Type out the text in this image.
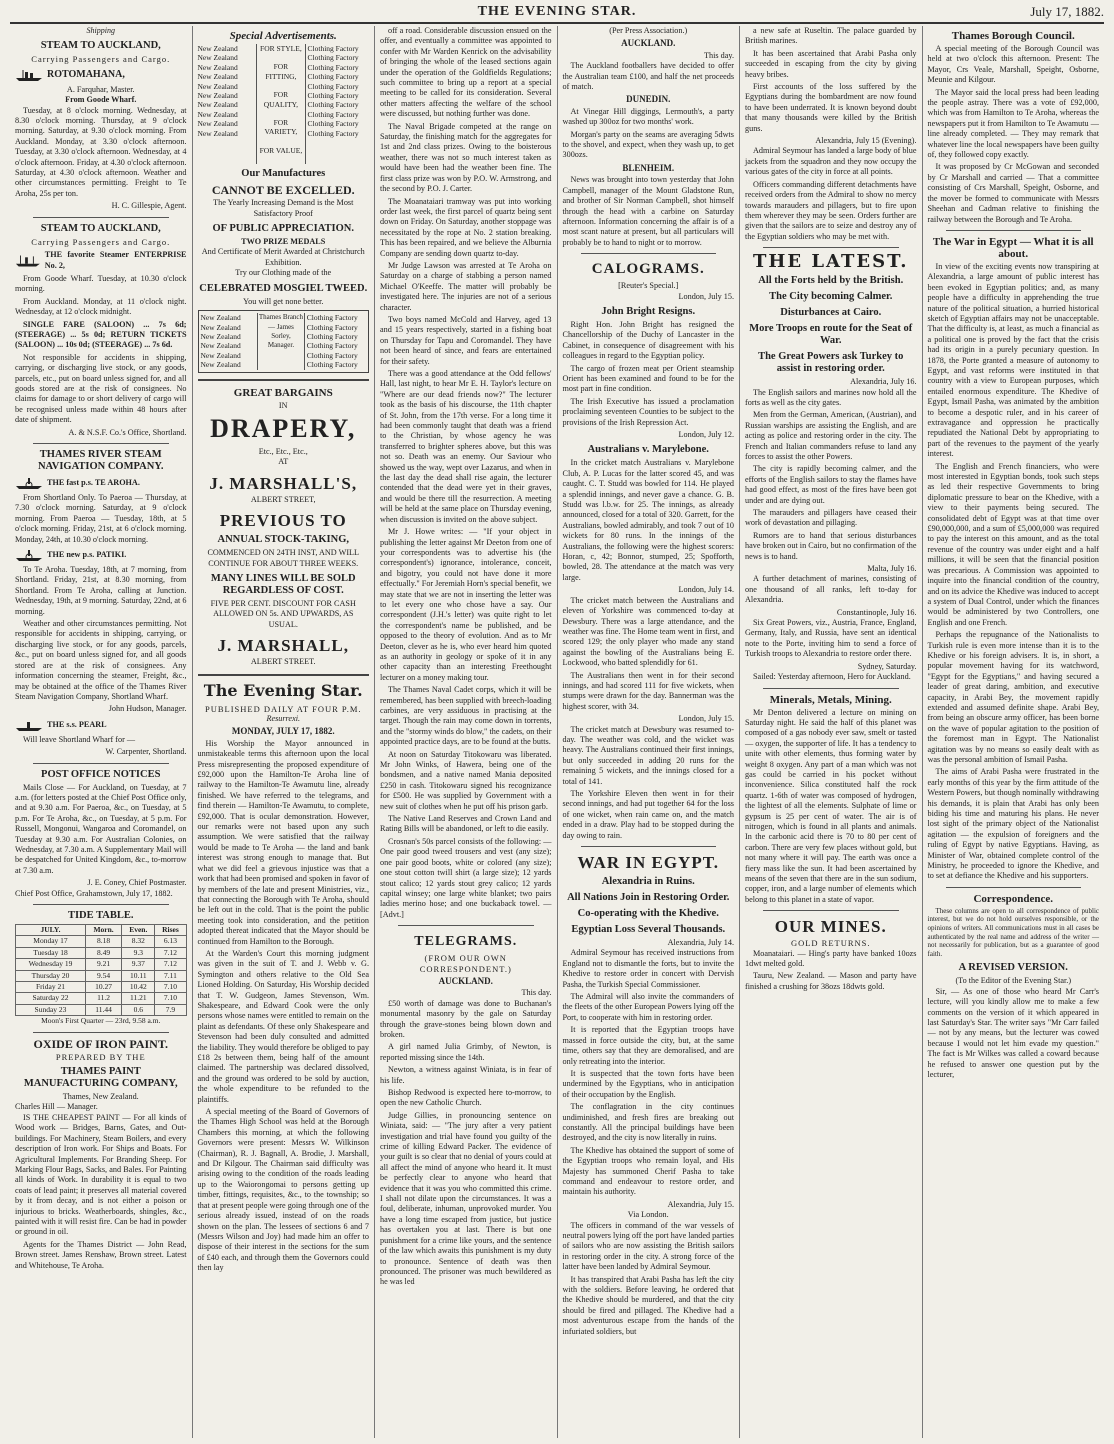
THE EVENING STAR.	July 17, 1882.
Shipping
STEAM TO AUCKLAND,
Carrying Passengers and Cargo.
ROTOMAHANA,
A. Farquhar, Master.
From Goode Wharf.

Tuesday, at 8 o'clock morning. Wednesday, at 8.30 o'clock morning. Thursday, at 9 o'clock morning. Saturday, at 9.30 o'clock morning. From Auckland. Monday, at 3.30 o'clock afternoon. Tuesday, at 3.30 o'clock afternoon. Wednesday, at 4 o'clock afternoon. Friday, at 4.30 o'clock afternoon. Saturday, at 4.30 o'clock afternoon. Weather and other circumstances permitting. Freight to Te Aroha, 25s per ton.

H. C. Gillespie, Agent.
STEAM TO AUCKLAND,
Carrying Passengers and Cargo.
THE favorite Steamer ENTERPRISE No. 2,

From Goode Wharf. Tuesday, at 10.30 o'clock morning.

From Auckland. Monday, at 11 o'clock night. Wednesday, at 12 o'clock midnight.

SINGLE FARE (SALOON) ... 7s 6d; (STEERAGE) ... 5s 0d; RETURN TICKETS (SALOON) ... 10s 0d; (STEERAGE) ... 7s 6d.

Not responsible for accidents in shipping, carrying, or discharging live stock, or any goods, parcels, etc., put on board unless signed for, and all goods stored are at the risk of consignees. No claims for damage to or short delivery of cargo will be recognised unless made within 48 hours after date of shipment.

A. & N.S.F. Co.'s Office, Shortland.
THAMES RIVER STEAM NAVIGATION COMPANY.
THE fast p.s. TE AROHA.

From Shortland Only. To Paeroa — Thursday, at 7.30 o'clock morning. Saturday, at 9 o'clock morning. From Paeroa — Tuesday, 18th, at 5 o'clock morning. Friday, 21st, at 6 o'clock morning. Monday, 24th, at 10.30 o'clock morning.

THE new p.s. PATIKI.

To Te Aroha. Tuesday, 18th, at 7 morning, from Shortland. Friday, 21st, at 8.30 morning, from Shortland. From Te Aroha, calling at Junction. Wednesday, 19th, at 9 morning. Saturday, 22nd, at 6 morning.

Weather and other circumstances permitting. Not responsible for accidents in shipping, carrying, or discharging live stock, or for any goods, parcels, &c., put on board unless signed for, and all goods stored are at the risk of consignees. Any information concerning the steamer, Freight, &c., may be obtained at the office of the Thames River Steam Navigation Company, Shortland Wharf.

John Hudson, Manager.
THE s.s. PEARL

Will leave Shortland Wharf for —

W. Carpenter, Shortland.
POST OFFICE NOTICES

Mails Close — For Auckland, on Tuesday, at 7 a.m. (for letters posted at the Chief Post Office only, and at 9.30 a.m. For Paeroa, &c., on Tuesday, at 5 p.m. For Te Aroha, &c., on Tuesday, at 5 p.m. For Russell, Mongonui, Wangaroa and Coromandel, on Tuesday at 9.30 a.m. For Australian Colonies, on Wednesday, at 7.30 a.m. A Supplementary Mail will be despatched for United Kingdom, &c., to-morrow at 7.30 a.m.

J. E. Coney, Chief Postmaster.
Chief Post Office, Grahamstown, July 17, 1882.
TIDE TABLE.
JULY.	Morn.	Even.	Rises
Monday 17	8.18	8.32	6.13
Tuesday 18	8.49	9.3	7.12
Wednesday 19	9.21	9.37	7.12
Thursday 20	9.54	10.11	7.11
Friday 21	10.27	10.42	7.10
Saturday 22	11.2	11.21	7.10
Sunday 23	11.44	0.6	7.9
Moon's First Quarter — 23rd, 9.58 a.m.
OXIDE OF IRON PAINT.
PREPARED BY THE
THAMES PAINT MANUFACTURING COMPANY,
Thames, New Zealand.
Charles Hill — Manager.

IS THE CHEAPEST PAINT — For all kinds of Wood work — Bridges, Barns, Gates, and Out-buildings. For Machinery, Steam Boilers, and every description of Iron work. For Ships and Boats. For Agricultural Implements. For Branding Sheep. For Marking Flour Bags, Sacks, and Bales. For Painting all kinds of Work. In durability it is equal to two coats of lead paint; it preserves all material covered by it from decay, and is not either a poison or injurious to bricks. Weatherboards, shingles, &c., painted with it will resist fire. Can be had in powder or ground in oil.

Agents for the Thames District — John Read, Brown street. James Renshaw, Brown street. Latest and Whitehouse, Te Aroha.

Special Advertisements.
New Zealand
New Zealand
New Zealand
New Zealand
New Zealand
New Zealand
New Zealand
New Zealand
New Zealand
New Zealand
FOR STYLE,
FOR FITTING,
FOR QUALITY,
FOR VARIETY,
FOR VALUE,
Clothing Factory
Clothing Factory
Clothing Factory
Clothing Factory
Clothing Factory
Clothing Factory
Clothing Factory
Clothing Factory
Clothing Factory
Clothing Factory
Our Manufactures
CANNOT BE EXCELLED.
The Yearly Increasing Demand is the Most Satisfactory Proof
OF PUBLIC APPRECIATION.
TWO PRIZE MEDALS
And Certificate of Merit Awarded at Christchurch Exhibition.
Try our Clothing made of the
CELEBRATED MOSGIEL TWEED.
You will get none better.
New Zealand
New Zealand
New Zealand
New Zealand
New Zealand
New Zealand
Thames Branch — James Sorley, Manager.
Clothing Factory
Clothing Factory
Clothing Factory
Clothing Factory
Clothing Factory
Clothing Factory
GREAT BARGAINS
IN
DRAPERY,
Etc., Etc., Etc.,
AT
J. MARSHALL'S,
ALBERT STREET,
PREVIOUS TO
ANNUAL STOCK-TAKING,
COMMENCED ON 24TH INST, AND WILL CONTINUE FOR ABOUT THREE WEEKS.
MANY LINES WILL BE SOLD REGARDLESS OF COST.
FIVE PER CENT. DISCOUNT FOR CASH ALLOWED ON 5s. AND UPWARDS, AS USUAL.
J. MARSHALL,
ALBERT STREET.
The Evening Star.
PUBLISHED DAILY AT FOUR P.M.
Resurrexi.
MONDAY, JULY 17, 1882.

His Worship the Mayor announced in unmistakeable terms this afternoon upon the local Press misrepresenting the proposed expenditure of £92,000 upon the Hamilton-Te Aroha line of railway to the Hamilton-Te Awamutu line, already finished. We have referred to the telegrams, and find therein — Hamilton-Te Awamutu, to complete, £92,000. That is ocular demonstration. However, our remarks were not based upon any such assumption. We were satisfied that the railway would be made to Te Aroha — the land and bank interest was strong enough to manage that. But what we did feel a grievous injustice was that a work that had been promised and spoken in favor of by members of the late and present Ministries, viz., that connecting the Borough with Te Aroha, should be left out in the cold. That is the point the public meeting took into consideration, and the petition adopted thereat indicated that the Mayor should be continued from Hamilton to the Borough.

At the Warden's Court this morning judgment was given in the suit of T. and J. Webb v. G. Symington and others relative to the Old Sea Lioned Holding. On Saturday, His Worship decided that T. W. Gudgeon, James Stevenson, Wm. Shakespeare, and Edward Cook were the only persons whose names were entitled to remain on the plaint as defendants. Of these only Shakespeare and Stevenson had been duly consulted and admitted the liability. They would therefore be obliged to pay £18 2s between them, being half of the amount claimed. The partnership was declared dissolved, and the ground was ordered to be sold by auction, the whole expenditure to be refunded to the plaintiffs.

A special meeting of the Board of Governors of the Thames High School was held at the Borough Chambers this morning, at which the following Governors were present: Messrs W. Wilkinson (Chairman), R. J. Bagnall, A. Brodie, J. Marshall, and Dr Kilgour. The Chairman said difficulty was arising owing to the condition of the roads leading up to the Waiorongomai to persons getting up timber, fittings, requisites, &c., to the township; so that at present people were going through one of the serious already issued, instead of on the roads shown on the plan. The lessees of sections 6 and 7 (Messrs Wilson and Joy) had made him an offer to dispose of their interest in the sections for the sum of £40 each, and through them the Governors could then lay

off a road. Considerable discussion ensued on the offer, and eventually a committee was appointed to confer with Mr Warden Kenrick on the advisability of bringing the whole of the leased sections again under the operation of the Goldfields Regulations; such committee to bring up a report at a special meeting to be called for its consideration. Several other matters affecting the welfare of the school were discussed, but nothing further was done.

The Naval Brigade competed at the range on Saturday, the finishing match for the aggregates for 1st and 2nd class prizes. Owing to the boisterous weather, there was not so much interest taken as would have been had the weather been fine. The first class prize was won by P.O. W. Armstrong, and the second by P.O. J. Carter.

The Moanataiari tramway was put into working order last week, the first parcel of quartz being sent down on Friday. On Saturday, another stoppage was necessitated by the rope at No. 2 station breaking. This has been repaired, and we believe the Alburnia Company are sending down quartz to-day.

Mr Judge Lawson was arrested at Te Aroha on Saturday on a charge of stabbing a person named Michael O'Keeffe. The matter will probably be investigated here. The injuries are not of a serious character.

Two boys named McCold and Harvey, aged 13 and 15 years respectively, started in a fishing boat on Thursday for Tapu and Coromandel. They have not been heard of since, and fears are entertained for their safety.

There was a good attendance at the Odd fellows' Hall, last night, to hear Mr E. H. Taylor's lecture on "Where are our dead friends now?" The lecturer took as the basis of his discourse, the 11th chapter of St. John, from the 17th verse. For a long time it had been commonly taught that death was a friend to the Christian, by whose agency he was transferred to brighter spheres above, but this was not so. Death was an enemy. Our Saviour who showed us the way, wept over Lazarus, and when in the last day the dead shall rise again, the lecturer contended that the dead were yet in their graves, and would be there till the resurrection. A meeting will be held at the same place on Thursday evening, when discussion is invited on the above subject.

Mr J. Howe writes: — "If your object in publishing the letter against Mr Deeton from one of your correspondents was to advertise his (the correspondent's) ignorance, intolerance, conceit, and bigotry, you could not have done it more effectually." For Jeremiah Horn's special benefit, we may state that we are not in inserting the letter was to let every one who chose have a say. Our correspondent (J.H.'s letter) was quite right to let the correspondent's name be published, and be opposed to the theory of evolution. And as to Mr Deeton, clever as he is, who ever heard him quoted as an authority in geology or spoke of it in any other capacity than an interesting Freethought lecturer on a money making tour.

The Thames Naval Cadet corps, which it will be remembered, has been supplied with breech-loading carbines, are very assiduous in practising at the target. Though the rain may come down in torrents, and the "stormy winds do blow," the cadets, on their appointed practice days, are to be found at the butts.

At noon on Saturday Titokowaru was liberated. Mr John Winks, of Hawera, being one of the bondsmen, and a native named Mania deposited £250 in cash. Titokowaru signed his recognizance for £500. He was supplied by Government with a new suit of clothes when he put off his prison garb.

The Native Land Reserves and Crown Land and Rating Bills will be abandoned, or left to die easily.

Crosnan's 50s parcel consists of the following: — One pair good tweed trousers and vest (any size); one pair good boots, white or colored (any size); one stout cotton twill shirt (a large size); 12 yards stout calico; 12 yards stout grey calico; 12 yards capital winsey; one large white blanket; two pairs ladies merino hose; and one buckaback towel. — [Advt.]

TELEGRAMS.
(FROM OUR OWN CORRESPONDENT.)
AUCKLAND.
This day.

£50 worth of damage was done to Buchanan's monumental masonry by the gale on Saturday through the grave-stones being blown down and broken.

A girl named Julia Grimby, of Newton, is reported missing since the 14th.

Newton, a witness against Winiata, is in fear of his life.

Bishop Redwood is expected here to-morrow, to open the new Catholic Church.

Judge Gillies, in pronouncing sentence on Winiata, said: — "The jury after a very patient investigation and trial have found you guilty of the crime of killing Edward Packer. The evidence of your guilt is so clear that no denial of yours could at all affect the mind of anyone who heard it. It must be perfectly clear to anyone who heard that evidence that it was you who committed this crime. I shall not dilate upon the circumstances. It was a foul, deliberate, inhuman, unprovoked murder. You have a long time escaped from justice, but justice has overtaken you at last. There is but one punishment for a crime like yours, and the sentence of the law which awaits this punishment is my duty to pronounce. Sentence of death was then pronounced. The prisoner was much bewildered as he was led

(Per Press Association.)
AUCKLAND.
This day.

The Auckland footballers have decided to offer the Australian team £100, and half the net proceeds of match.

DUNEDIN.

At Vinegar Hill diggings, Lermouth's, a party washed up 300oz for two months' work.

Morgan's party on the seams are averaging 5dwts to the shovel, and expect, when they wash up, to get 300ozs.

BLENHEIM.

News was brought into town yesterday that John Campbell, manager of the Mount Gladstone Run, and brother of Sir Norman Campbell, shot himself through the head with a carbine on Saturday afternoon. Information concerning the affair is of a most scant nature at present, but all particulars will probably be to hand to night or to morrow.

CALOGRAMS.
[Reuter's Special.]
London, July 15.
John Bright Resigns.

Right Hon. John Bright has resigned the Chancellorship of the Duchy of Lancaster in the Cabinet, in consequence of disagreement with his colleagues in regard to the Egyptian policy.

The cargo of frozen meat per Orient steamship Orient has been examined and found to be for the most part in fine condition.

The Irish Executive has issued a proclamation proclaiming seventeen Counties to be subject to the provisions of the Irish Repression Act.

London, July 12.
Australians v. Marylebone.

In the cricket match Australians v. Marylebone Club, A. P. Lucas for the latter scored 45, and was caught. C. T. Studd was bowled for 114. He played a splendid innings, and never gave a chance. G. B. Studd was l.b.w. for 25. The innings, as already announced, closed for a total of 320. Garrett, for the Australians, bowled admirably, and took 7 out of 10 wickets for 80 runs. In the innings of the Australians, the following were the highest scorers: Horan, c, 42; Bonnor, stumped, 25; Spofforth, bowled, 28. The attendance at the match was very large.

London, July 14.

The cricket match between the Australians and eleven of Yorkshire was commenced to-day at Dewsbury. There was a large attendance, and the weather was fine. The Home team went in first, and scored 129; the only player who made any stand against the bowling of the Australians being E. Lockwood, who batted splendidly for 61.

The Australians then went in for their second innings, and had scored 111 for five wickets, when stumps were drawn for the day. Bannerman was the highest scorer, with 34.

London, July 15.

The cricket match at Dewsbury was resumed to-day. The weather was cold, and the wicket was heavy. The Australians continued their first innings, but only succeeded in adding 20 runs for the remaining 5 wickets, and the innings closed for a total of 141.

The Yorkshire Eleven then went in for their second innings, and had put together 64 for the loss of one wicket, when rain came on, and the match ended in a draw. Play had to be stopped during the day owing to rain.

WAR IN EGYPT.
Alexandria in Ruins.
All Nations Join in Restoring Order.
Co-operating with the Khedive.
Egyptian Loss Several Thousands.
Alexandria, July 14.

Admiral Seymour has received instructions from England not to dismantle the forts, but to invite the Khedive to restore order in concert with Dervish Pasha, the Turkish Special Commissioner.

The Admiral will also invite the commanders of the fleets of the other European Powers lying off the Port, to cooperate with him in restoring order.

It is reported that the Egyptian troops have massed in force outside the city, but, at the same time, others say that they are demoralised, and are only retreating into the interior.

It is suspected that the town forts have been undermined by the Egyptians, who in anticipation of their occupation by the English.

The conflagration in the city continues undiminished, and fresh fires are breaking out constantly. All the principal buildings have been destroyed, and the city is now literally in ruins.

The Khedive has obtained the support of some of the Egyptian troops who remain loyal, and His Majesty has summoned Cherif Pasha to take command and endeavour to restore order, and maintain his authority.

Alexandria, July 15.
Via London.

The officers in command of the war vessels of neutral powers lying off the port have landed parties of sailors who are now assisting the British sailors in restoring order in the city. A strong force of the latter have been landed by Admiral Seymour.

It has transpired that Arabi Pasha has left the city with the soldiers. Before leaving, he ordered that the Khedive should be murdered, and that the city should be fired and pillaged. The Khedive had a most adventurous escape from the hands of the infuriated soldiers, but

a new safe at Ruseltin. The palace guarded by British marines.

It has been ascertained that Arabi Pasha only succeeded in escaping from the city by giving heavy bribes.

First accounts of the loss suffered by the Egyptians during the bombardment are now found to have been underrated. It is known beyond doubt that many thousands were killed by the British guns.

Alexandria, July 15 (Evening).

Admiral Seymour has landed a large body of blue jackets from the squadron and they now occupy the various gates of the city in force at all points.

Officers commanding different detachments have received orders from the Admiral to show no mercy towards marauders and pillagers, but to fire upon them wherever they may be seen. Orders further are given that the sailors are to seize and destroy any of the Egyptian soldiers who may be met with.

THE LATEST.
All the Forts held by the British.
The City becoming Calmer.
Disturbances at Cairo.
More Troops en route for the Seat of War.
The Great Powers ask Turkey to assist in restoring order.
Alexandria, July 16.

The English sailors and marines now hold all the forts as well as the city gates.

Men from the German, American, (Austrian), and Russian warships are assisting the English, and are acting as police and restoring order in the city. The French and Italian commanders refuse to land any forces to assist the other Powers.

The city is rapidly becoming calmer, and the efforts of the English sailors to stay the flames have had good effect, as most of the fires have been got under and are dying out.

The marauders and pillagers have ceased their work of devastation and pillaging.

Rumors are to hand that serious disturbances have broken out in Cairo, but no confirmation of the news is to hand.

Malta, July 16.

A further detachment of marines, consisting of one thousand of all ranks, left to-day for Alexandria.

Constantinople, July 16.

Six Great Powers, viz., Austria, France, England, Germany, Italy, and Russia, have sent an identical note to the Porte, inviting him to send a force of Turkish troops to Alexandria to restore order there.

Sydney, Saturday.

Sailed: Yesterday afternoon, Hero for Auckland.

Minerals, Metals, Mining.

Mr Denton delivered a lecture on mining on Saturday night. He said the half of this planet was composed of a gas nobody ever saw, smelt or tasted — oxygen, the supporter of life. It has a tendency to unite with other elements, thus forming water by weight 8 oxygen. Any part of a man which was not gas could be carried in his pocket without inconvenience. Silica constituted half the rock quartz. 1-6th of water was composed of hydrogen, the lightest of all the elements. Sulphate of lime or gypsum is 25 per cent of water. The air is of nitrogen, which is found in all plants and animals. In the carbonic acid there is 70 to 80 per cent of carbon. There are very few places without gold, but not many where it will pay. The earth was once a fiery mass like the sun. It had been ascertained by means of the seven that there are in the sun sodium, copper, iron, and a large number of elements which belong to this planet in a state of vapor.

OUR MINES.
GOLD RETURNS.

Moanataiari. — Hing's party have banked 10ozs 1dwt melted gold.

Tauru, New Zealand. — Mason and party have finished a crushing for 38ozs 18dwts gold.

Thames Borough Council.

A special meeting of the Borough Council was held at two o'clock this afternoon. Present: The Mayor, Crs Veale, Marshall, Speight, Osborne, Meunie and Kilgour.

The Mayor said the local press had been leading the people astray. There was a vote of £92,000, which was from Hamilton to Te Aroha, whereas the newspapers put it from Hamilton to Te Awamutu — line already completed. — They may remark that whatever line the local newspapers have been guilty of, they followed copy exactly.

It was proposed by Cr McGowan and seconded by Cr Marshall and carried — That a committee consisting of Crs Marshall, Speight, Osborne, and the mover be formed to communicate with Messrs Sheehan and Cadman relative to finishing the railway between the Borough and Te Aroha.

The War in Egypt — What it is all about.

In view of the exciting events now transpiring at Alexandria, a large amount of public interest has been evoked in Egyptian politics; and, as many people have a difficulty in apprehending the true nature of the political situation, a hurried historical sketch of Egyptian affairs may not be unacceptable. That the difficulty is, at least, as much a financial as a political one is proved by the fact that the crisis had its origin in a purely pecuniary question. In 1878, the Porte granted a measure of autonomy to Egypt, and vast reforms were instituted in that country with a view to European purposes, which entailed enormous expenditure. The Khedive of Egypt, Ismail Pasha, was animated by the ambition to become a despotic ruler, and in his career of extravagance and oppression he practically repudiated the National Debt by appropriating to part of the revenues to the payment of the yearly interest.

The English and French financiers, who were most interested in Egyptian bonds, took such steps as led their respective Governments to bring diplomatic pressure to bear on the Khedive, with a view to their payments being secured. The consolidated debt of Egypt was at that time over £90,000,000, and a sum of £5,000,000 was required to pay the interest on this amount, and as the total revenue of the country was under eight and a half millions, it will be seen that the financial position was precarious. A Commission was appointed to inquire into the financial condition of the country, and on its advice the Khedive was induced to accept a system of Dual Control, under which the finances would be administered by two Controllers, one English and one French.

Perhaps the repugnance of the Nationalists to Turkish rule is even more intense than it is to the Khedive or his foreign advisers. It is, in short, a popular movement having for its watchword, "Egypt for the Egyptians," and having secured a leader of great daring, ambition, and executive capacity, in Arabi Bey, the movement rapidly extended and assumed definite shape. Arabi Bey, from being an obscure army officer, has been borne on the wave of popular agitation to the position of the foremost man in Egypt. The Nationalist agitation was by no means so easily dealt with as was the personal ambition of Ismail Pasha.

The aims of Arabi Pasha were frustrated in the early months of this year by the firm attitude of the Western Powers, but though nominally withdrawing his demands, it is plain that Arabi has only been biding his time and maturing his plans. He never lost sight of the primary object of the Nationalist agitation — the expulsion of foreigners and the ruling of Egypt by native Egyptians. Having, as Minister of War, obtained complete control of the Ministry, he proceeded to ignore the Khedive, and to set at defiance the Khedive and his supporters.

Correspondence.

These columns are open to all correspondence of public interest, but we do not hold ourselves responsible, or the opinions of writers. All communications must in all cases be authenticated by the real name and address of the writer — not necessarily for publication, but as a guarantee of good faith.

A REVISED VERSION.
(To the Editor of the Evening Star.)

Sir, — As one of those who heard Mr Carr's lecture, will you kindly allow me to make a few comments on the version of it which appeared in last Saturday's Star. The writer says "Mr Carr failed — not by any means, but the lecturer was cowed because I would not let him evade my question." The fact is Mr Wilkes was called a coward because he refused to answer one question put by the lecturer,
